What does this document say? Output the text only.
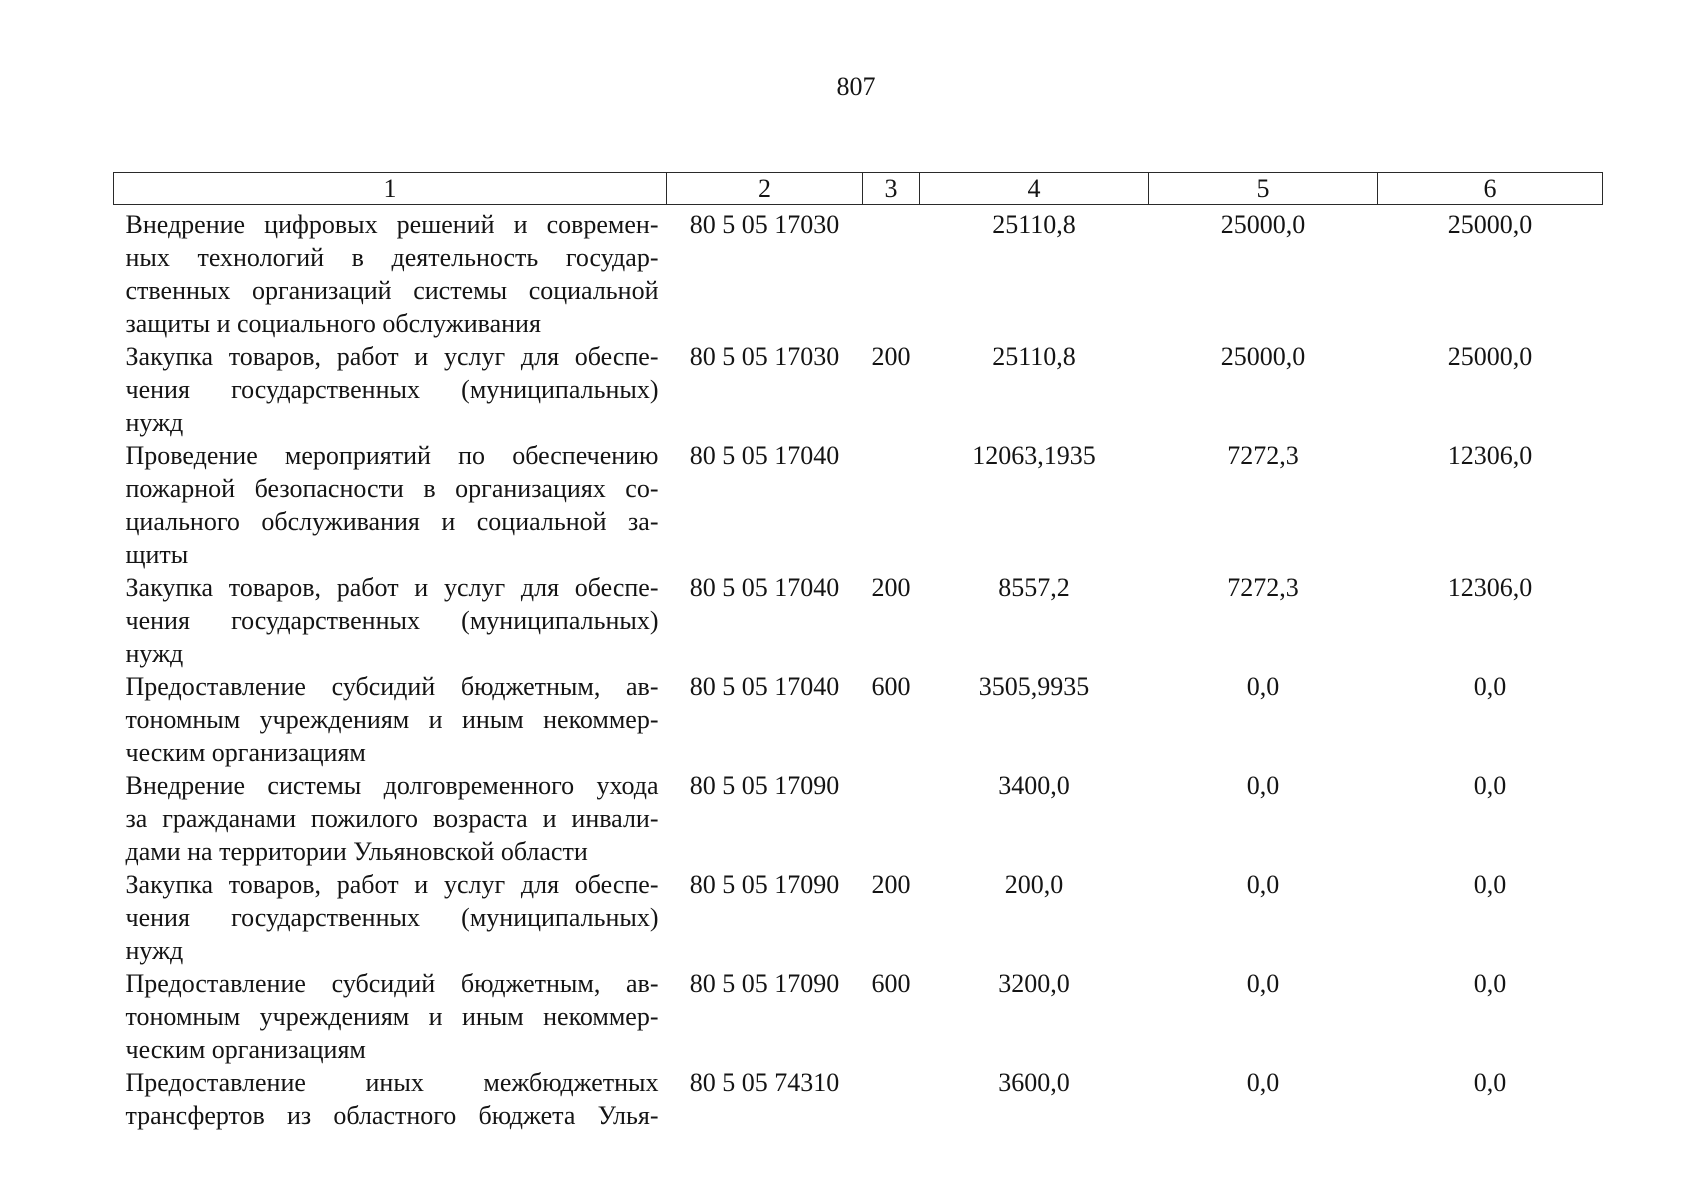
807
1	2	3	4	5	6

Внедрение цифровых решений и современ-
ных технологий в деятельность государ-
ственных организаций системы социальной
защиты и социального обслуживания	80 5 05 17030		25110,8	25000,0	25000,0

Закупка товаров, работ и услуг для обеспе-
чения государственных (муниципальных)
нужд	80 5 05 17030	200	25110,8	25000,0	25000,0

Проведение мероприятий по обеспечению
пожарной безопасности в организациях со-
циального обслуживания и социальной за-
щиты	80 5 05 17040		12063,1935	7272,3	12306,0

Закупка товаров, работ и услуг для обеспе-
чения государственных (муниципальных)
нужд	80 5 05 17040	200	8557,2	7272,3	12306,0

Предоставление субсидий бюджетным, ав-
тономным учреждениям и иным некоммер-
ческим организациям	80 5 05 17040	600	3505,9935	0,0	0,0

Внедрение системы долговременного ухода
за гражданами пожилого возраста и инвали-
дами на территории Ульяновской области	80 5 05 17090		3400,0	0,0	0,0

Закупка товаров, работ и услуг для обеспе-
чения государственных (муниципальных)
нужд	80 5 05 17090	200	200,0	0,0	0,0

Предоставление субсидий бюджетным, ав-
тономным учреждениям и иным некоммер-
ческим организациям	80 5 05 17090	600	3200,0	0,0	0,0

Предоставление иных межбюджетных
трансфертов из областного бюджета Улья-	80 5 05 74310		3600,0	0,0	0,0
